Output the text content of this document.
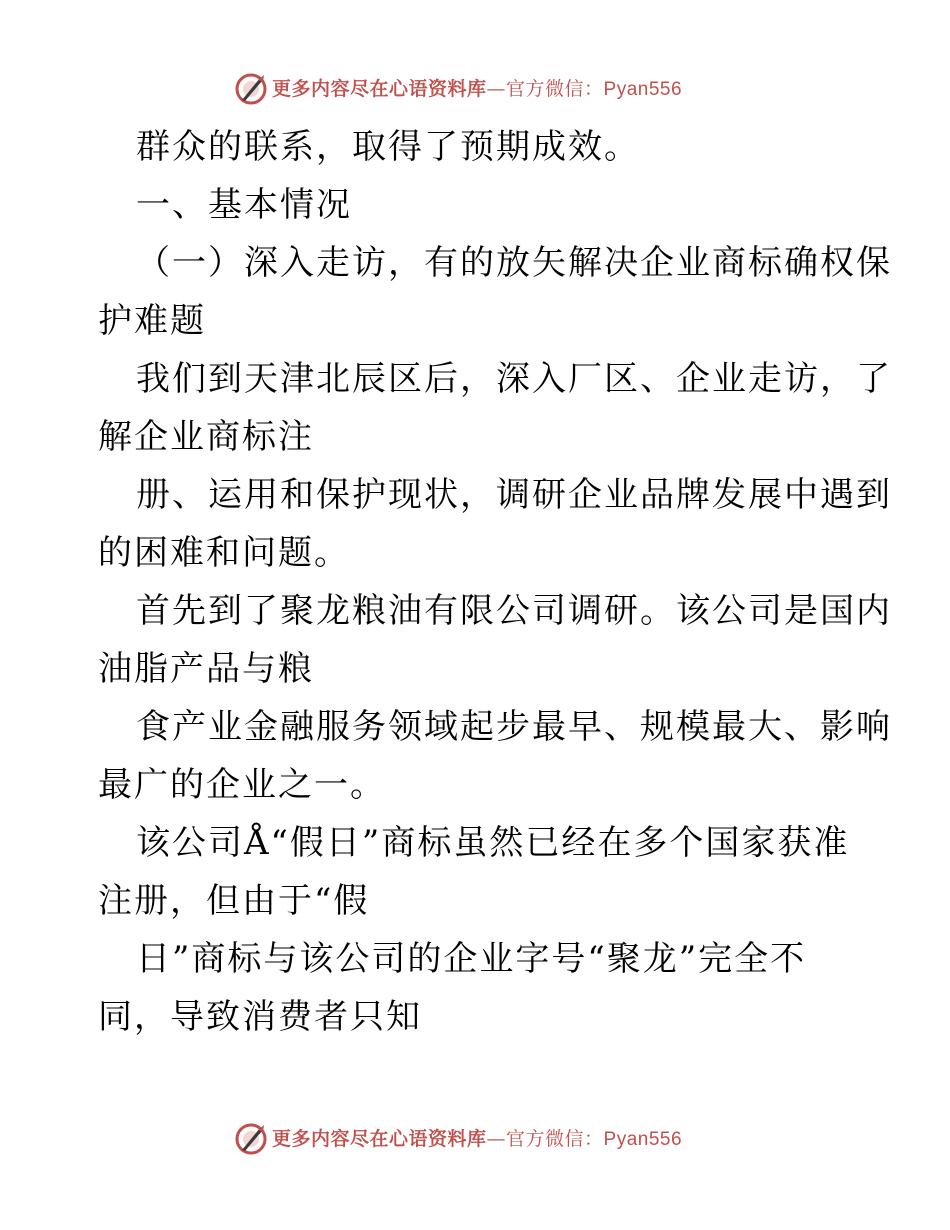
更多内容尽在心语资料库—官方微信：Pyan556
群众的联系，取得了预期成效。
一、基本情况
（一）深入走访，有的放矢解决企业商标确权保
护难题
我们到天津北辰区后，深入厂区、企业走访，了
解企业商标注
册、运用和保护现状，调研企业品牌发展中遇到
的困难和问题。
首先到了聚龙粮油有限公司调研。该公司是国内
油脂产品与粮
食产业金融服务领域起步最早、规模最大、影响
最广的企业之一。
该公司Å“假日”商标虽然已经在多个国家获准
注册，但由于“假
日”商标与该公司的企业字号“聚龙”完全不
同，导致消费者只知
更多内容尽在心语资料库—官方微信：Pyan556
